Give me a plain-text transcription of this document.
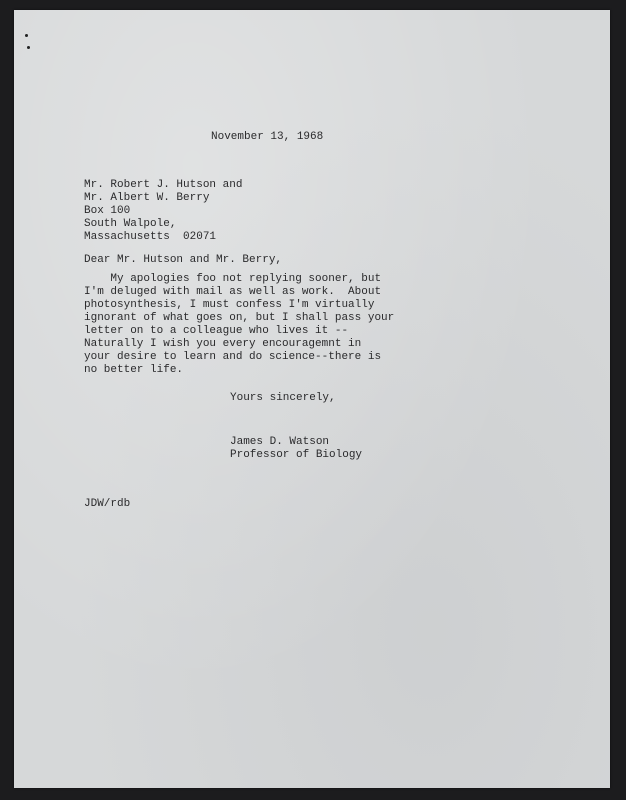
November 13, 1968
Mr. Robert J. Hutson and
Mr. Albert W. Berry
Box 100
South Walpole,
Massachusetts  02071
Dear Mr. Hutson and Mr. Berry,
My apologies foo not replying sooner, but
I'm deluged with mail as well as work.  About
photosynthesis, I must confess I'm virtually
ignorant of what goes on, but I shall pass your
letter on to a colleague who lives it --
Naturally I wish you every encouragemnt in
your desire to learn and do science--there is
no better life.
Yours sincerely,
James D. Watson
Professor of Biology
JDW/rdb
